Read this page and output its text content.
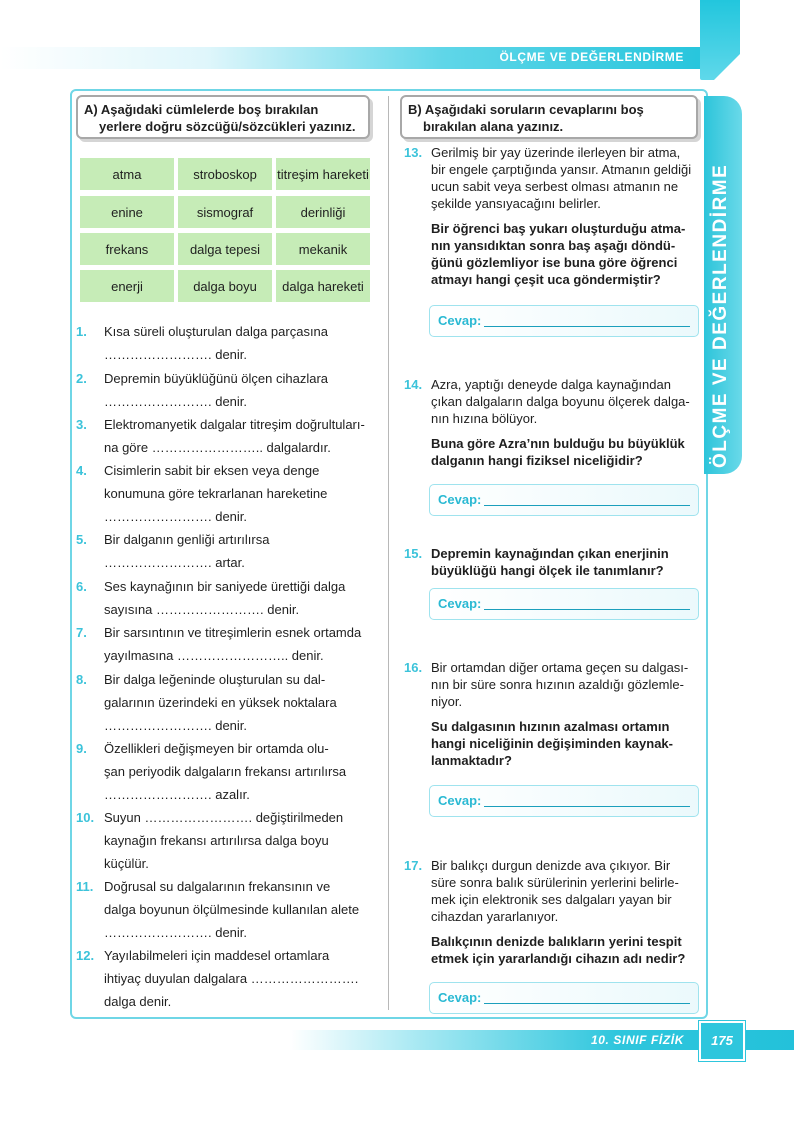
ÖLÇME VE DEĞERLENDİRME
ÖLÇME VE DEĞERLENDİRME
A) Aşağıdaki cümlelerde boş bırakılan
yerlere doğru sözcüğü/sözcükleri yazınız.
B) Aşağıdaki soruların cevaplarını boş
bırakılan alana yazınız.
atma	stroboskop	titreşim hareketi
enine	sismograf	derinliği
frekans	dalga tepesi	mekanik
enerji	dalga boyu	dalga hareketi
1. Kısa süreli oluşturulan dalga parçasına
……………………. denir.
2. Depremin büyüklüğünü ölçen cihazlara
……………………. denir.
3. Elektromanyetik dalgalar titreşim doğrultuları-
na göre …………………….. dalgalardır.
4. Cisimlerin sabit bir eksen veya denge
konumuna göre tekrarlanan hareketine
……………………. denir.
5. Bir dalganın genliği artırılırsa
……………………. artar.
6. Ses kaynağının bir saniyede ürettiği dalga
sayısına ……………………. denir.
7. Bir sarsıntının ve titreşimlerin esnek ortamda
yayılmasına …………………….. denir.
8. Bir dalga leğeninde oluşturulan su dal-
galarının üzerindeki en yüksek noktalara
……………………. denir.
9. Özellikleri değişmeyen bir ortamda olu-
şan periyodik dalgaların frekansı artırılırsa
……………………. azalır.
10. Suyun ……………………. değiştirilmeden
kaynağın frekansı artırılırsa dalga boyu
küçülür.
11. Doğrusal su dalgalarının frekansının ve
dalga boyunun ölçülmesinde kullanılan alete
……………………. denir.
12. Yayılabilmeleri için maddesel ortamlara
ihtiyaç duyulan dalgalara …………………….
dalga denir.
13. Gerilmiş bir yay üzerinde ilerleyen bir atma,
bir engele çarptığında yansır. Atmanın geldiği
ucun sabit veya serbest olması atmanın ne
şekilde yansıyacağını belirler.
Bir öğrenci baş yukarı oluşturduğu atma-
nın yansıdıktan sonra baş aşağı döndü-
ğünü gözlemliyor ise buna göre öğrenci
atmayı hangi çeşit uca göndermiştir?
Cevap:
14. Azra, yaptığı deneyde dalga kaynağından
çıkan dalgaların dalga boyunu ölçerek dalga-
nın hızına bölüyor.
Buna göre Azra’nın bulduğu bu büyüklük
dalganın hangi fiziksel niceliğidir?
Cevap:
15. Depremin kaynağından çıkan enerjinin
büyüklüğü hangi ölçek ile tanımlanır?
Cevap:
16. Bir ortamdan diğer ortama geçen su dalgası-
nın bir süre sonra hızının azaldığı gözlemle-
niyor.
Su dalgasının hızının azalması ortamın
hangi niceliğinin değişiminden kaynak-
lanmaktadır?
Cevap:
17. Bir balıkçı durgun denizde ava çıkıyor. Bir
süre sonra balık sürülerinin yerlerini belirle-
mek için elektronik ses dalgaları yayan bir
cihazdan yararlanıyor.
Balıkçının denizde balıkların yerini tespit
etmek için yararlandığı cihazın adı nedir?
Cevap:
10. SINIF FİZİK	175
